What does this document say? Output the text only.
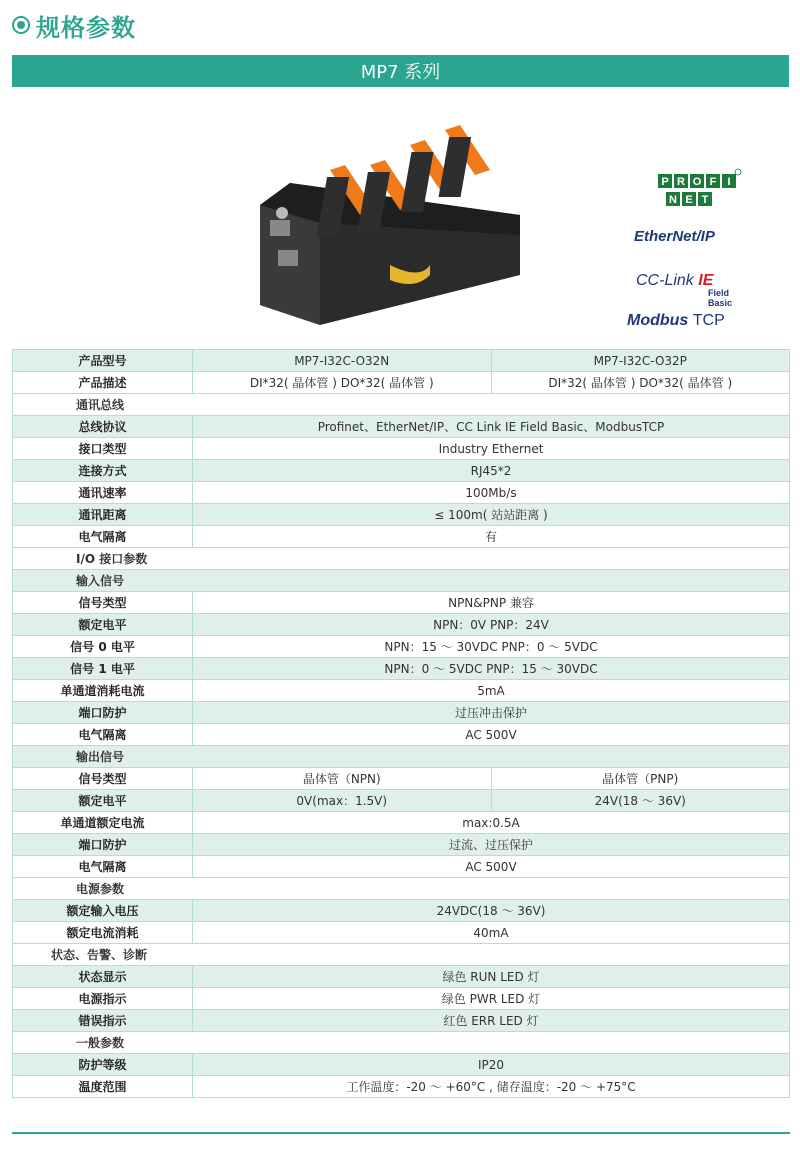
规格参数
MP7 系列
P R O F I
N E T
EtherNet/IP
CC-Link IE
Field
Basic
Modbus TCP
产品型号	MP7-I32C-O32N	MP7-I32C-O32P
产品描述	DI*32( 晶体管 ) DO*32( 晶体管 )	DI*32( 晶体管 ) DO*32( 晶体管 )
通讯总线		
总线协议	Profinet、EtherNet/IP、CC Link IE Field Basic、ModbusTCP	
接口类型	Industry Ethernet	
连接方式	RJ45*2	
通讯速率	100Mb/s	
通讯距离	≤ 100m( 站站距离 )	
电气隔离	有	
I/O 接口参数		
输入信号		
信号类型	NPN&PNP 兼容	
额定电平	NPN：0V PNP：24V	
信号 0 电平	NPN：15 ～ 30VDC PNP：0 ～ 5VDC	
信号 1 电平	NPN：0 ～ 5VDC PNP：15 ～ 30VDC	
单通道消耗电流	5mA	
端口防护	过压冲击保护	
电气隔离	AC 500V	
输出信号		
信号类型	晶体管（NPN)	晶体管（PNP)
额定电平	0V(max：1.5V)	24V(18 ～ 36V)
单通道额定电流	max:0.5A	
端口防护	过流、过压保护	
电气隔离	AC 500V	
电源参数		
额定输入电压	24VDC(18 ～ 36V)	
额定电流消耗	40mA	
状态、告警、诊断		
状态显示	绿色 RUN LED 灯	
电源指示	绿色 PWR LED 灯	
错误指示	红色 ERR LED 灯	
一般参数		
防护等级	IP20	
温度范围	工作温度：-20 ～ +60°C , 储存温度：-20 ～ +75°C	
